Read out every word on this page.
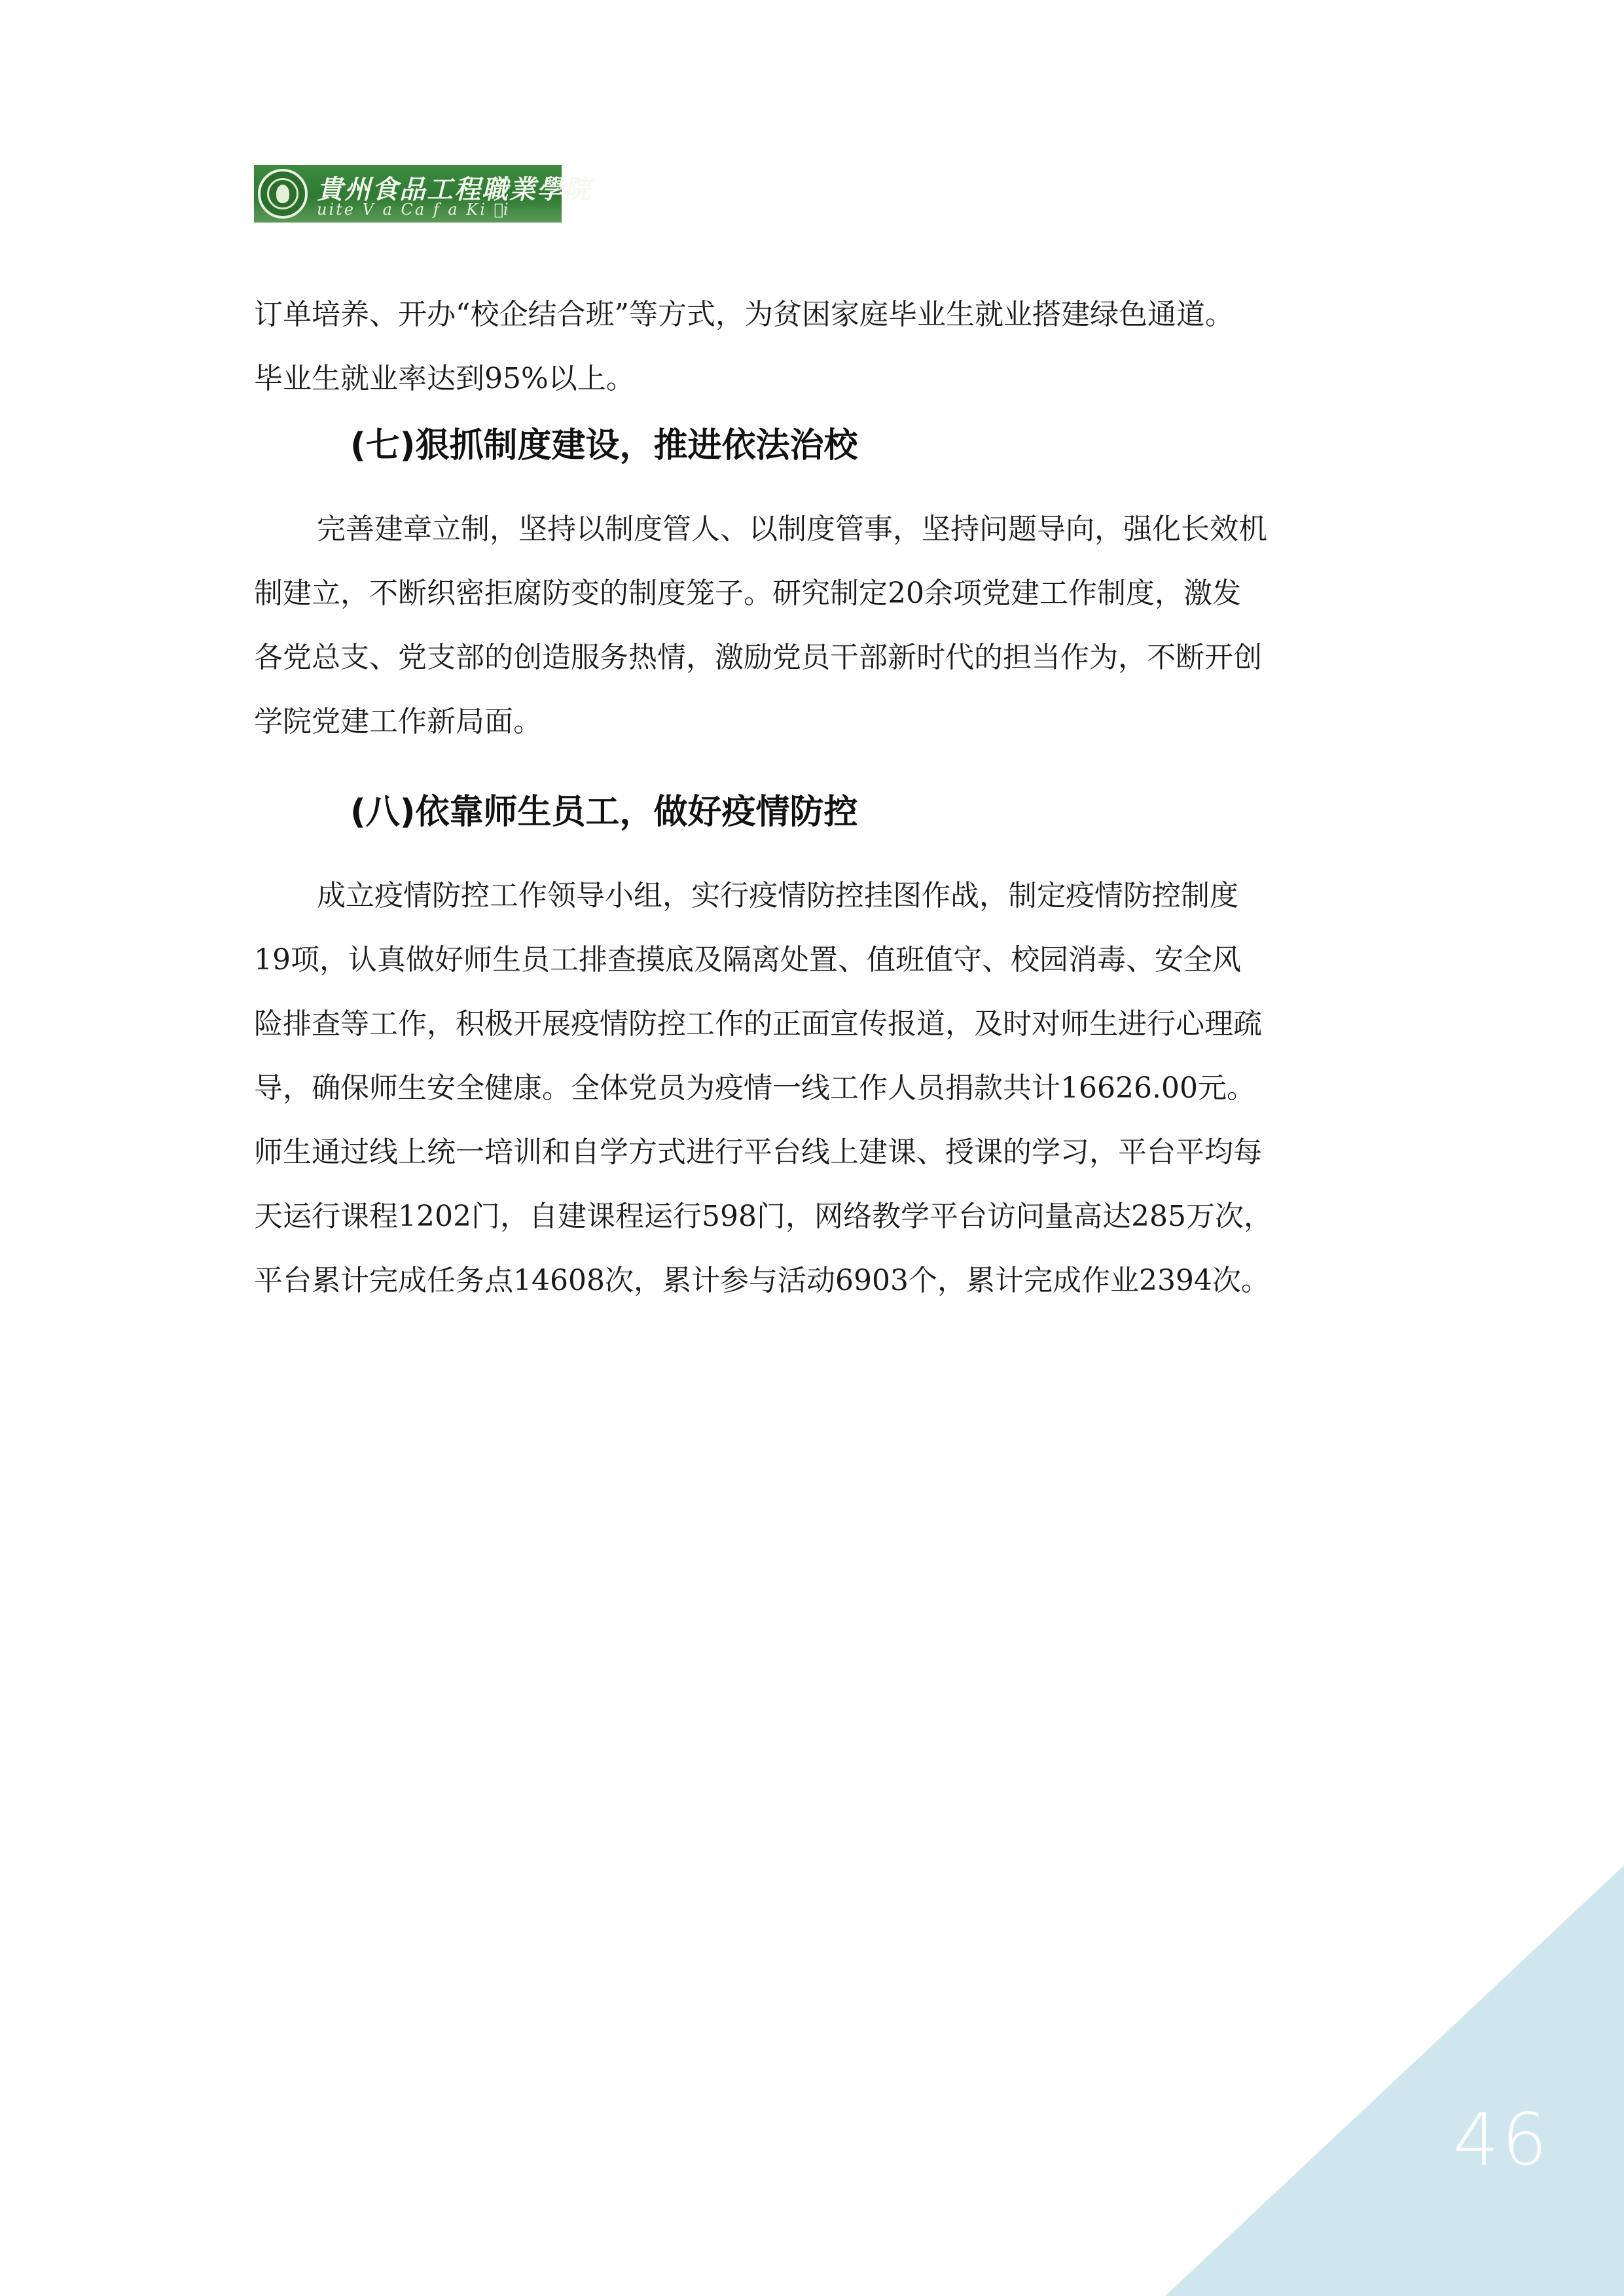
貴州食品工程職業學院
uite V a Ca f a Ki ⁣⃠i
订单培养、开办“校企结合班”等方式，为贫困家庭毕业生就业搭建绿色通道。
毕业生就业率达到95%以上。
(七)狠抓制度建设，推进依法治校
完善建章立制，坚持以制度管人、以制度管事，坚持问题导向，强化长效机
制建立，不断织密拒腐防变的制度笼子。研究制定20余项党建工作制度，激发
各党总支、党支部的创造服务热情，激励党员干部新时代的担当作为，不断开创
学院党建工作新局面。
(八)依靠师生员工，做好疫情防控
成立疫情防控工作领导小组，实行疫情防控挂图作战，制定疫情防控制度
19项，认真做好师生员工排查摸底及隔离处置、值班值守、校园消毒、安全风
险排查等工作，积极开展疫情防控工作的正面宣传报道，及时对师生进行心理疏
导，确保师生安全健康。全体党员为疫情一线工作人员捐款共计16626.00元。
师生通过线上统一培训和自学方式进行平台线上建课、授课的学习，平台平均每
天运行课程1202门，自建课程运行598门，网络教学平台访问量高达285万次，
平台累计完成任务点14608次，累计参与活动6903个，累计完成作业2394次。
46
